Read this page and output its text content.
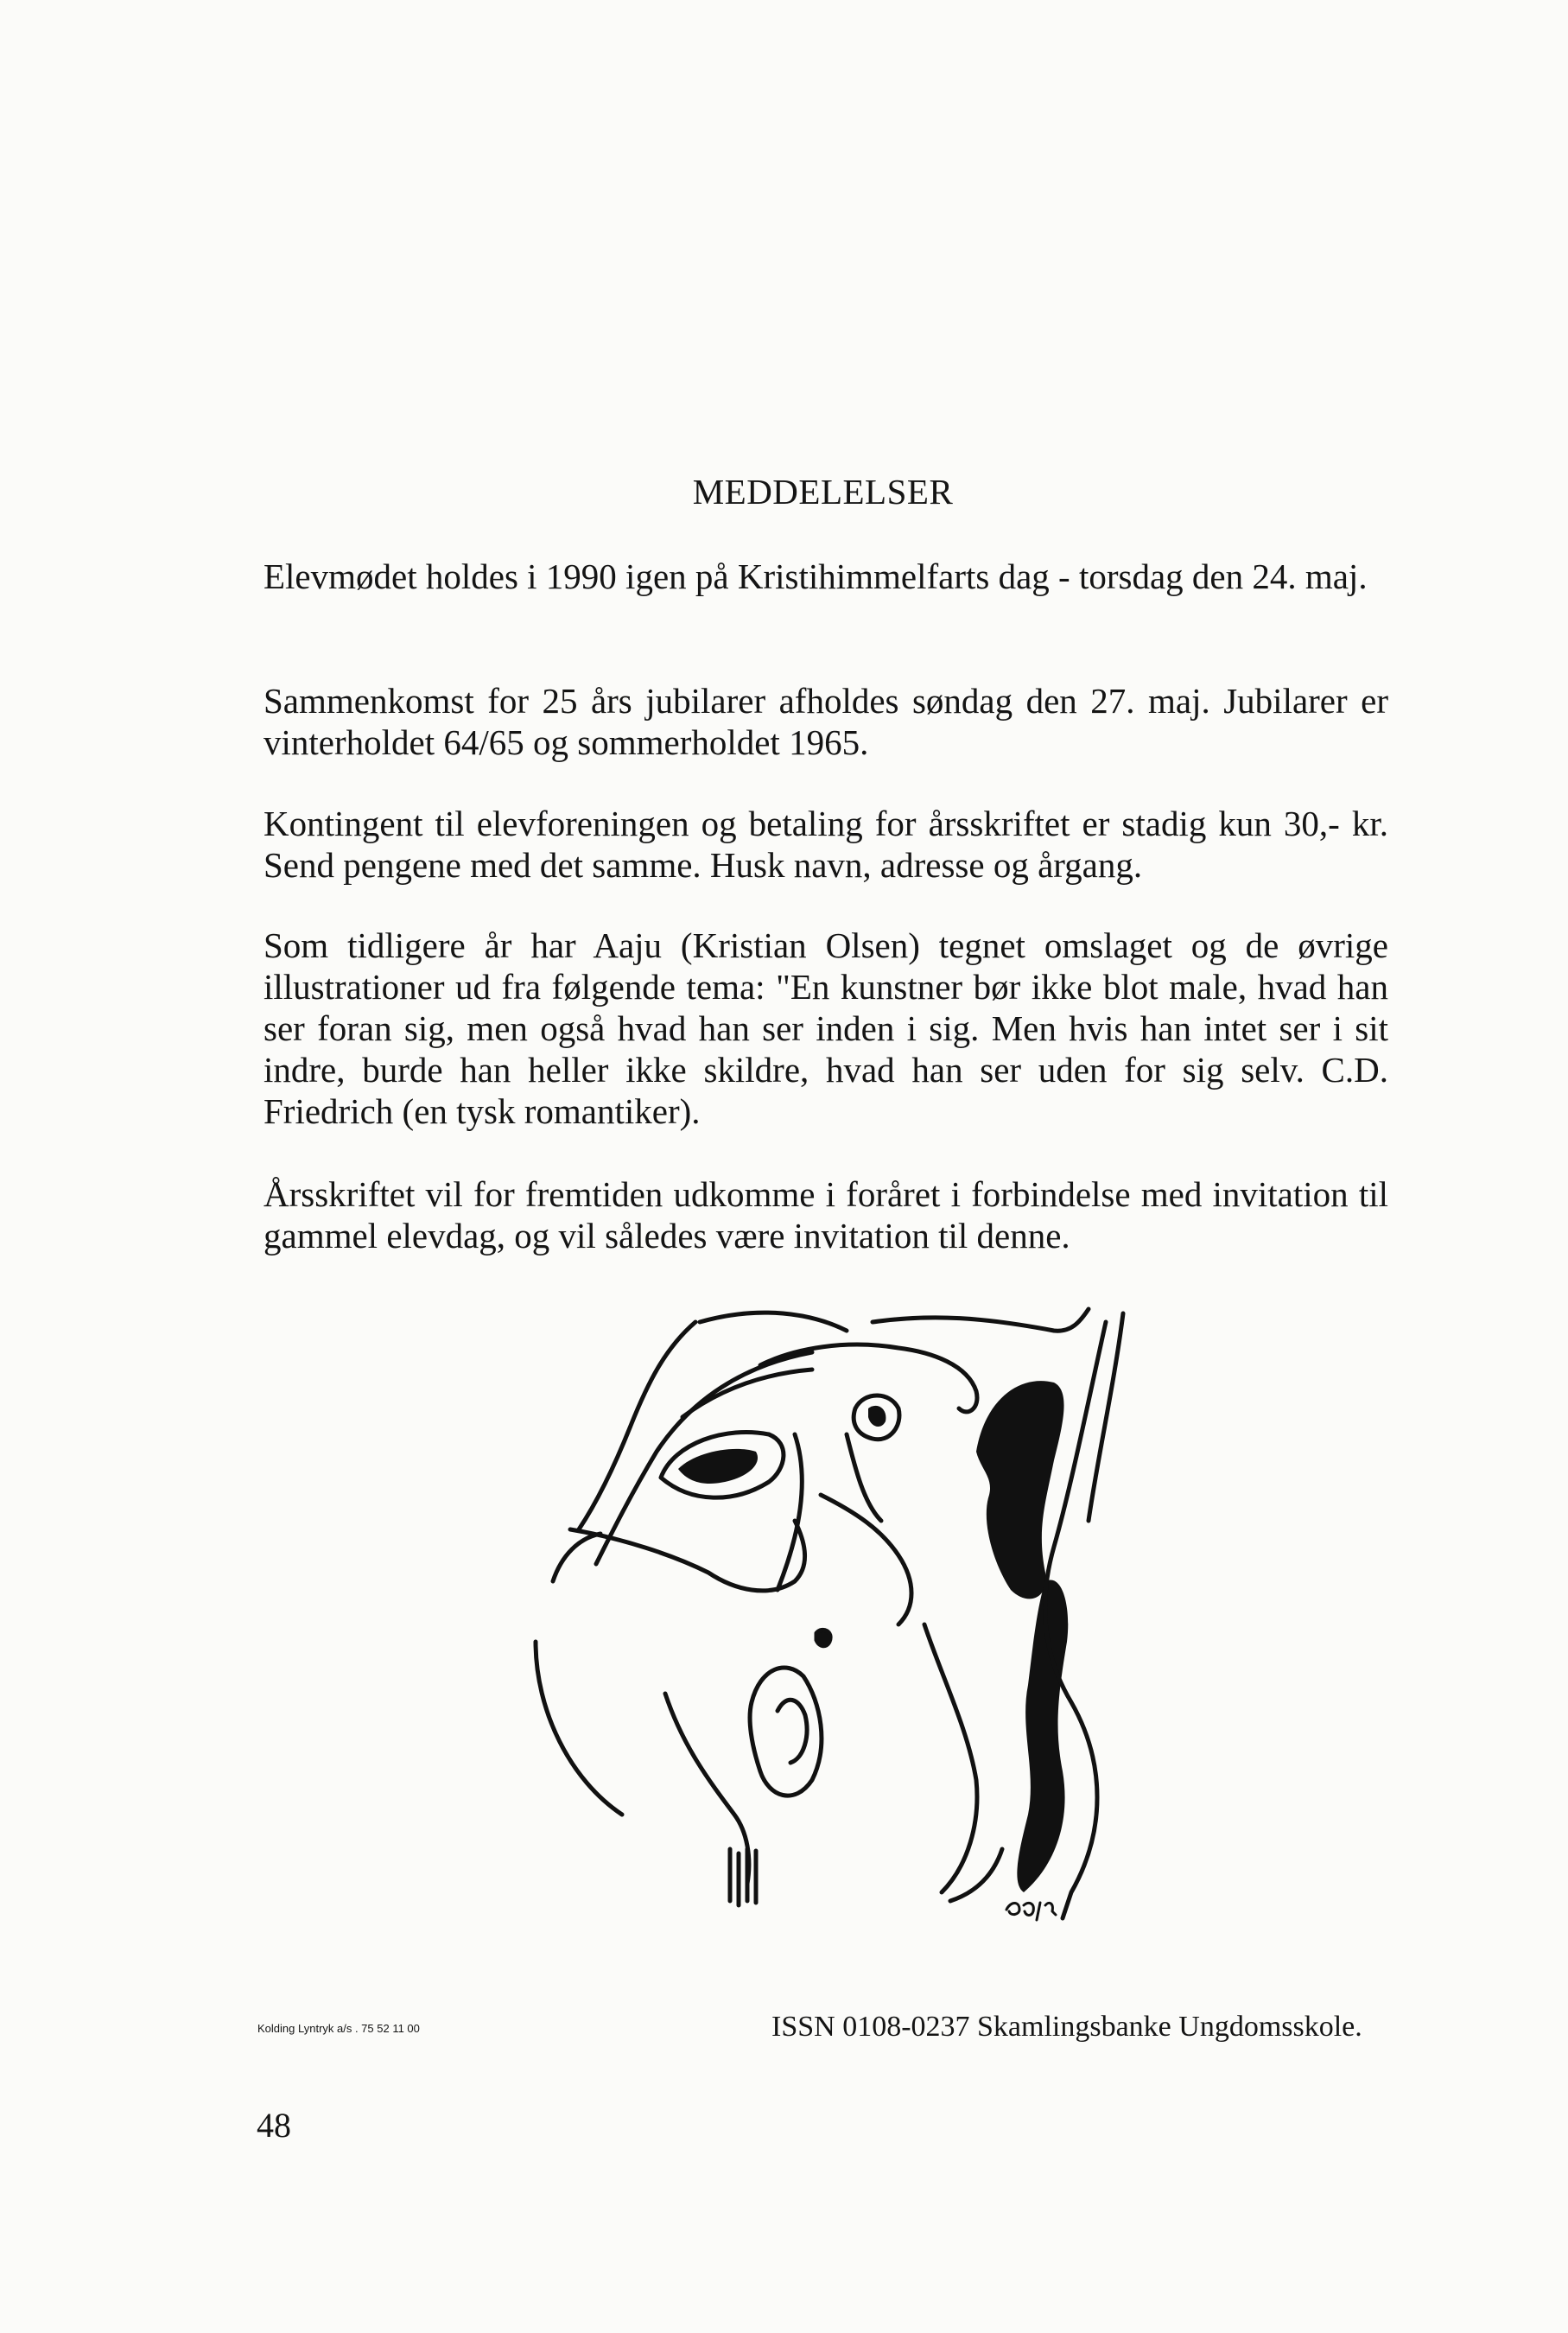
MEDDELELSER

Elevmødet holdes i 1990 igen på Kristihimmelfarts dag - torsdag den 24. maj.

Sammenkomst for 25 års jubilarer afholdes søndag den 27. maj. Jubilarer er vinterholdet 64/65 og sommerholdet 1965.

Kontingent til elevforeningen og betaling for årsskriftet er stadig kun 30,- kr. Send pengene med det samme. Husk navn, adresse og årgang.

Som tidligere år har Aaju (Kristian Olsen) tegnet omslaget og de øvrige illustrationer ud fra følgende tema: "En kunstner bør ikke blot male, hvad han ser foran sig, men også hvad han ser inden i sig. Men hvis han intet ser i sit indre, burde han heller ikke skildre, hvad han ser uden for sig selv. C.D. Friedrich (en tysk romantiker).

Årsskriftet vil for fremtiden udkomme i foråret i forbindelse med invitation til gammel elevdag, og vil således være invitation til denne.

Kolding Lyntryk a/s . 75 52 11 00	ISSN 0108-0237 Skamlingsbanke Ungdomsskole.
48
